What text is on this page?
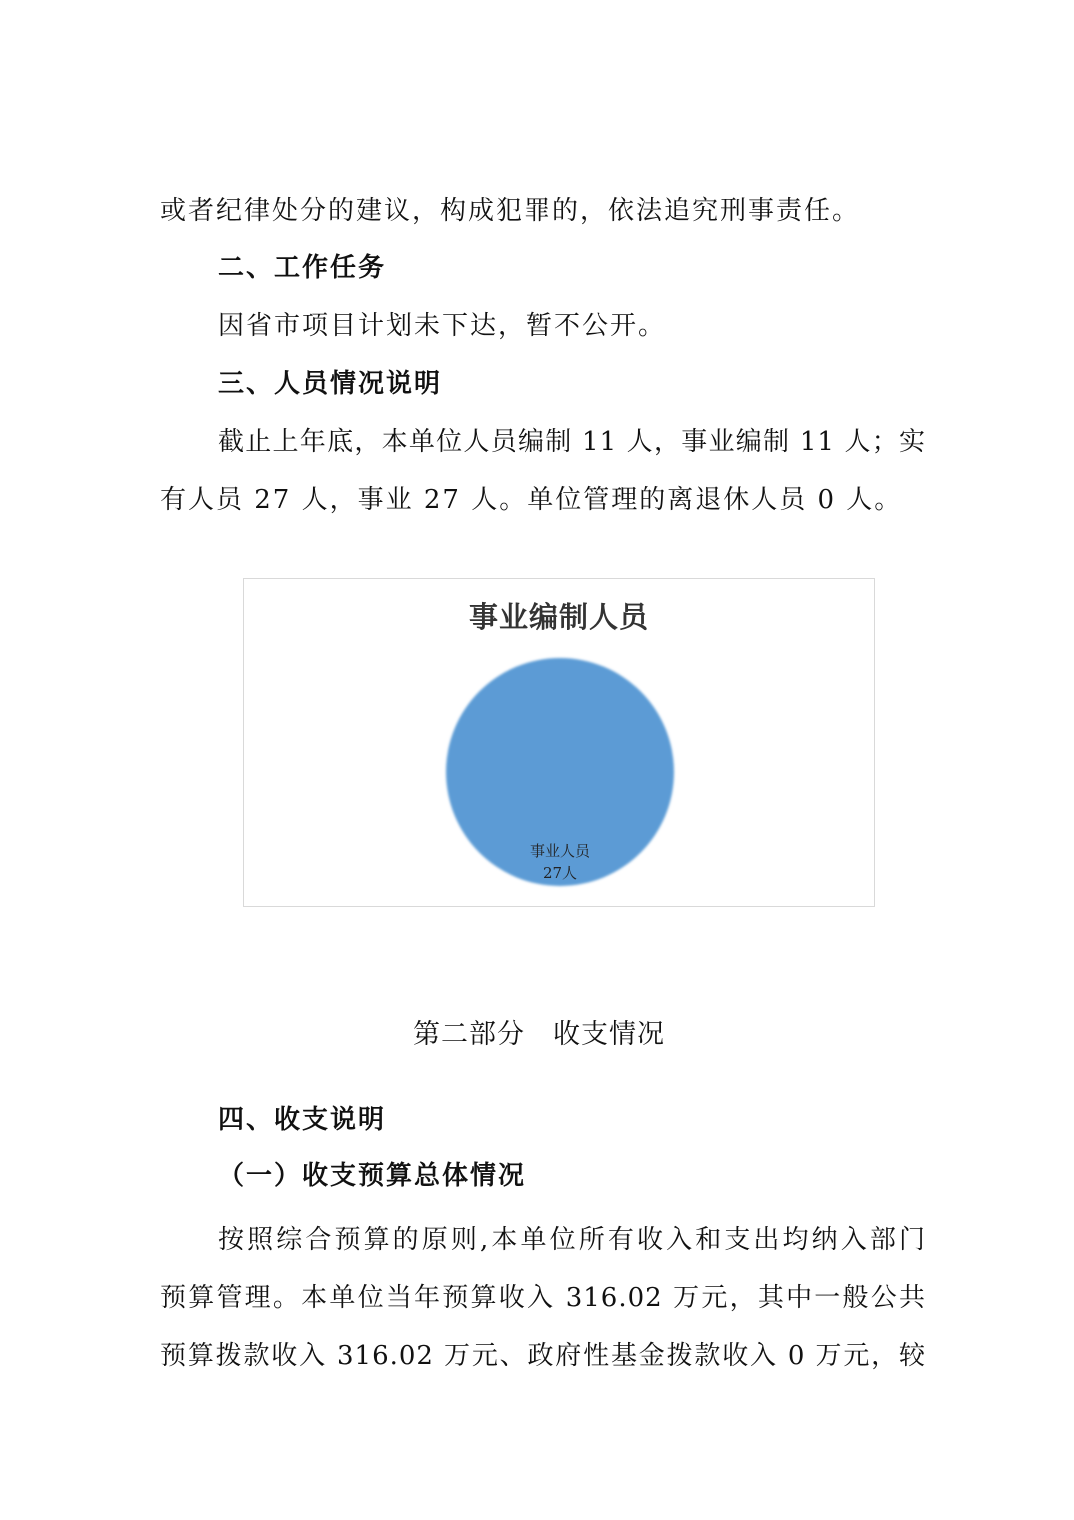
或者纪律处分的建议，构成犯罪的，依法追究刑事责任。
二、工作任务
因省市项目计划未下达，暂不公开。
三、人员情况说明
截止上年底，本单位人员编制 11 人，事业编制 11 人；实
有人员 27 人，事业 27 人。单位管理的离退休人员 0 人。
事业编制人员
事业人员
27人
第二部分　收支情况
四、收支说明
（一）收支预算总体情况
按照综合预算的原则,本单位所有收入和支出均纳入部门
预算管理。本单位当年预算收入 316.02 万元，其中一般公共
预算拨款收入 316.02 万元、政府性基金拨款收入 0 万元，较
